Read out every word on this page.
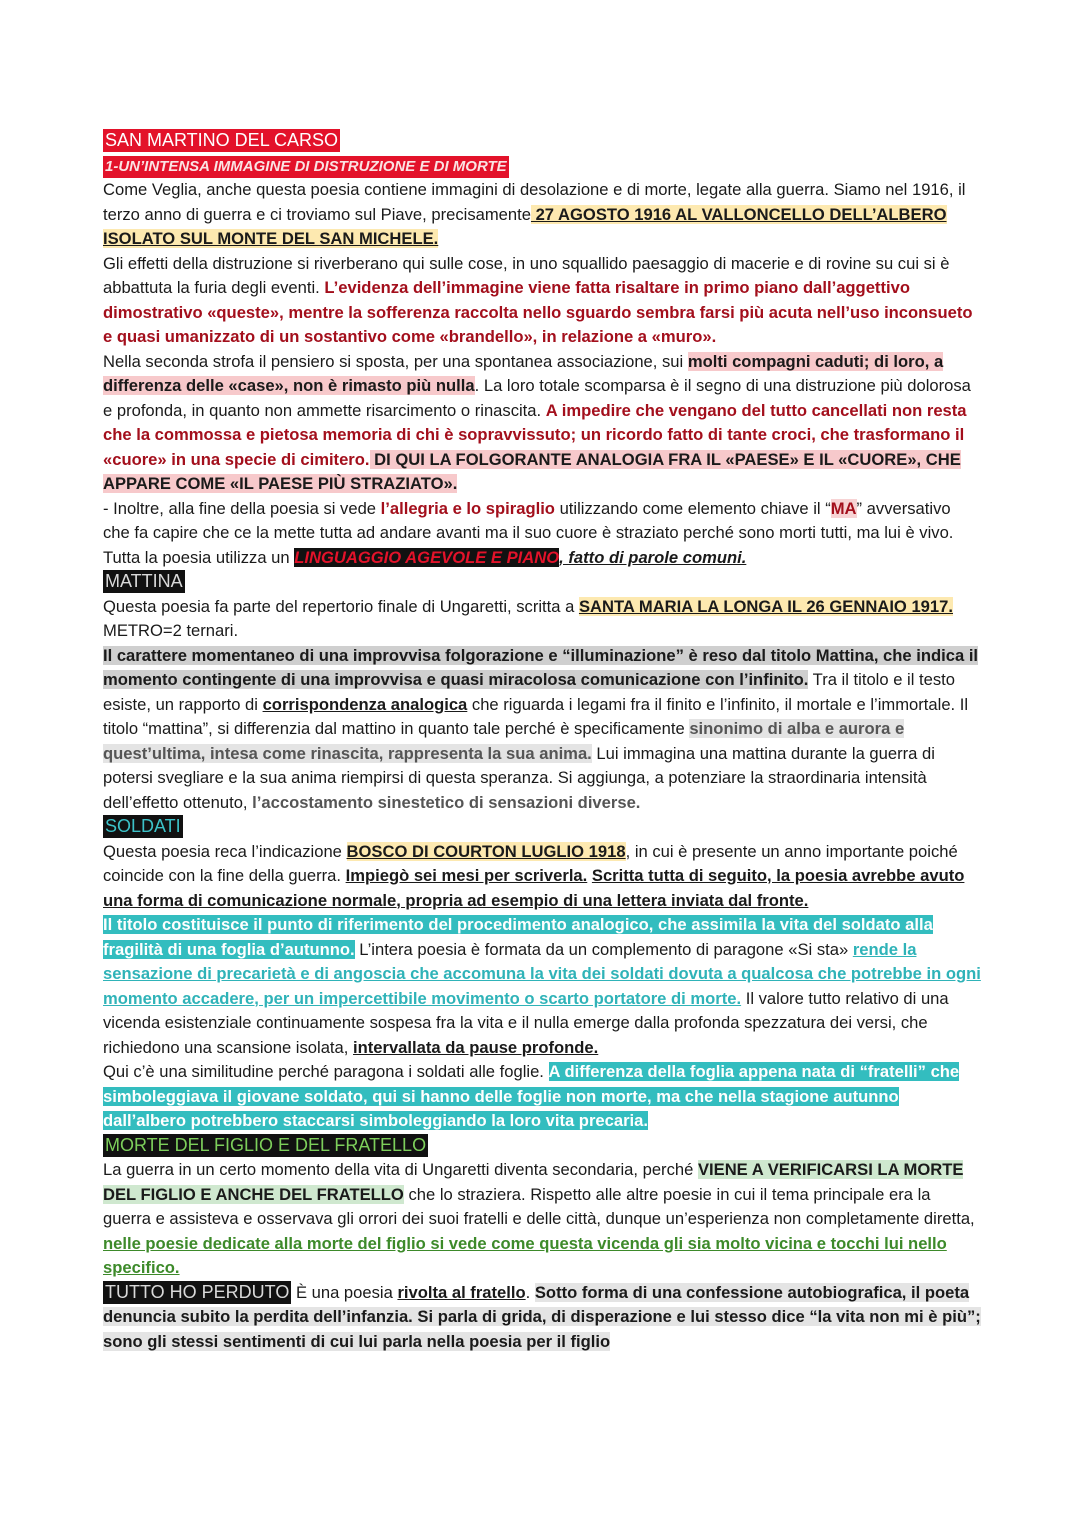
SAN MARTINO DEL CARSO
1-UN’INTENSA IMMAGINE DI DISTRUZIONE E DI MORTE

Come Veglia, anche questa poesia contiene immagini di desolazione e di morte, legate alla guerra. Siamo nel 1916, il terzo anno di guerra e ci troviamo sul Piave, precisamente 27 AGOSTO 1916 AL VALLONCELLO DELL’ALBERO ISOLATO SUL MONTE DEL SAN MICHELE.

Gli effetti della distruzione si riverberano qui sulle cose, in uno squallido paesaggio di macerie e di rovine su cui si è abbattuta la furia degli eventi. L’evidenza dell’immagine viene fatta risaltare in primo piano dall’aggettivo dimostrativo «queste», mentre la sofferenza raccolta nello sguardo sembra farsi più acuta nell’uso inconsueto e quasi umanizzato di un sostantivo come «brandello», in relazione a «muro».

Nella seconda strofa il pensiero si sposta, per una spontanea associazione, sui molti compagni caduti; di loro, a differenza delle «case», non è rimasto più nulla. La loro totale scomparsa è il segno di una distruzione più dolorosa e profonda, in quanto non ammette risarcimento o rinascita. A impedire che vengano del tutto cancellati non resta che la commossa e pietosa memoria di chi è sopravvissuto; un ricordo fatto di tante croci, che trasformano il «cuore» in una specie di cimitero. DI QUI LA FOLGORANTE ANALOGIA FRA IL «PAESE» E IL «CUORE», CHE APPARE COME «IL PAESE PIÙ STRAZIATO».

- Inoltre, alla fine della poesia si vede l’allegria e lo spiraglio utilizzando come elemento chiave il “MA” avversativo che fa capire che ce la mette tutta ad andare avanti ma il suo cuore è straziato perché sono morti tutti, ma lui è vivo. Tutta la poesia utilizza un LINGUAGGIO AGEVOLE E PIANO, fatto di parole comuni.

MATTINA

Questa poesia fa parte del repertorio finale di Ungaretti, scritta a SANTA MARIA LA LONGA IL 26 GENNAIO 1917. METRO=2 ternari.

Il carattere momentaneo di una improvvisa folgorazione e “illuminazione” è reso dal titolo Mattina, che indica il momento contingente di una improvvisa e quasi miracolosa comunicazione con l’infinito. Tra il titolo e il testo esiste, un rapporto di corrispondenza analogica che riguarda i legami fra il finito e l’infinito, il mortale e l’immortale. Il titolo “mattina”, si differenzia dal mattino in quanto tale perché è specificamente sinonimo di alba e aurora e quest’ultima, intesa come rinascita, rappresenta la sua anima. Lui immagina una mattina durante la guerra di potersi svegliare e la sua anima riempirsi di questa speranza. Si aggiunga, a potenziare la straordinaria intensità dell’effetto ottenuto, l’accostamento sinestetico di sensazioni diverse.

SOLDATI

Questa poesia reca l’indicazione BOSCO DI COURTON LUGLIO 1918, in cui è presente un anno importante poiché coincide con la fine della guerra. Impiegò sei mesi per scriverla. Scritta tutta di seguito, la poesia avrebbe avuto una forma di comunicazione normale, propria ad esempio di una lettera inviata dal fronte.

Il titolo costituisce il punto di riferimento del procedimento analogico, che assimila la vita del soldato alla fragilità di una foglia d’autunno. L’intera poesia è formata da un complemento di paragone «Si sta» rende la sensazione di precarietà e di angoscia che accomuna la vita dei soldati dovuta a qualcosa che potrebbe in ogni momento accadere, per un impercettibile movimento o scarto portatore di morte. Il valore tutto relativo di una vicenda esistenziale continuamente sospesa fra la vita e il nulla emerge dalla profonda spezzatura dei versi, che richiedono una scansione isolata, intervallata da pause profonde.

Qui c’è una similitudine perché paragona i soldati alle foglie. A differenza della foglia appena nata di “fratelli” che simboleggiava il giovane soldato, qui si hanno delle foglie non morte, ma che nella stagione autunno dall’albero potrebbero staccarsi simboleggiando la loro vita precaria.

MORTE DEL FIGLIO E DEL FRATELLO

La guerra in un certo momento della vita di Ungaretti diventa secondaria, perché VIENE A VERIFICARSI LA MORTE DEL FIGLIO E ANCHE DEL FRATELLO che lo straziera. Rispetto alle altre poesie in cui il tema principale era la guerra e assisteva e osservava gli orrori dei suoi fratelli e delle città, dunque un’esperienza non completamente diretta, nelle poesie dedicate alla morte del figlio si vede come questa vicenda gli sia molto vicina e tocchi lui nello specifico.

TUTTO HO PERDUTO È una poesia rivolta al fratello. Sotto forma di una confessione autobiografica, il poeta denuncia subito la perdita dell’infanzia. Si parla di grida, di disperazione e lui stesso dice “la vita non mi è più”; sono gli stessi sentimenti di cui lui parla nella poesia per il figlio
